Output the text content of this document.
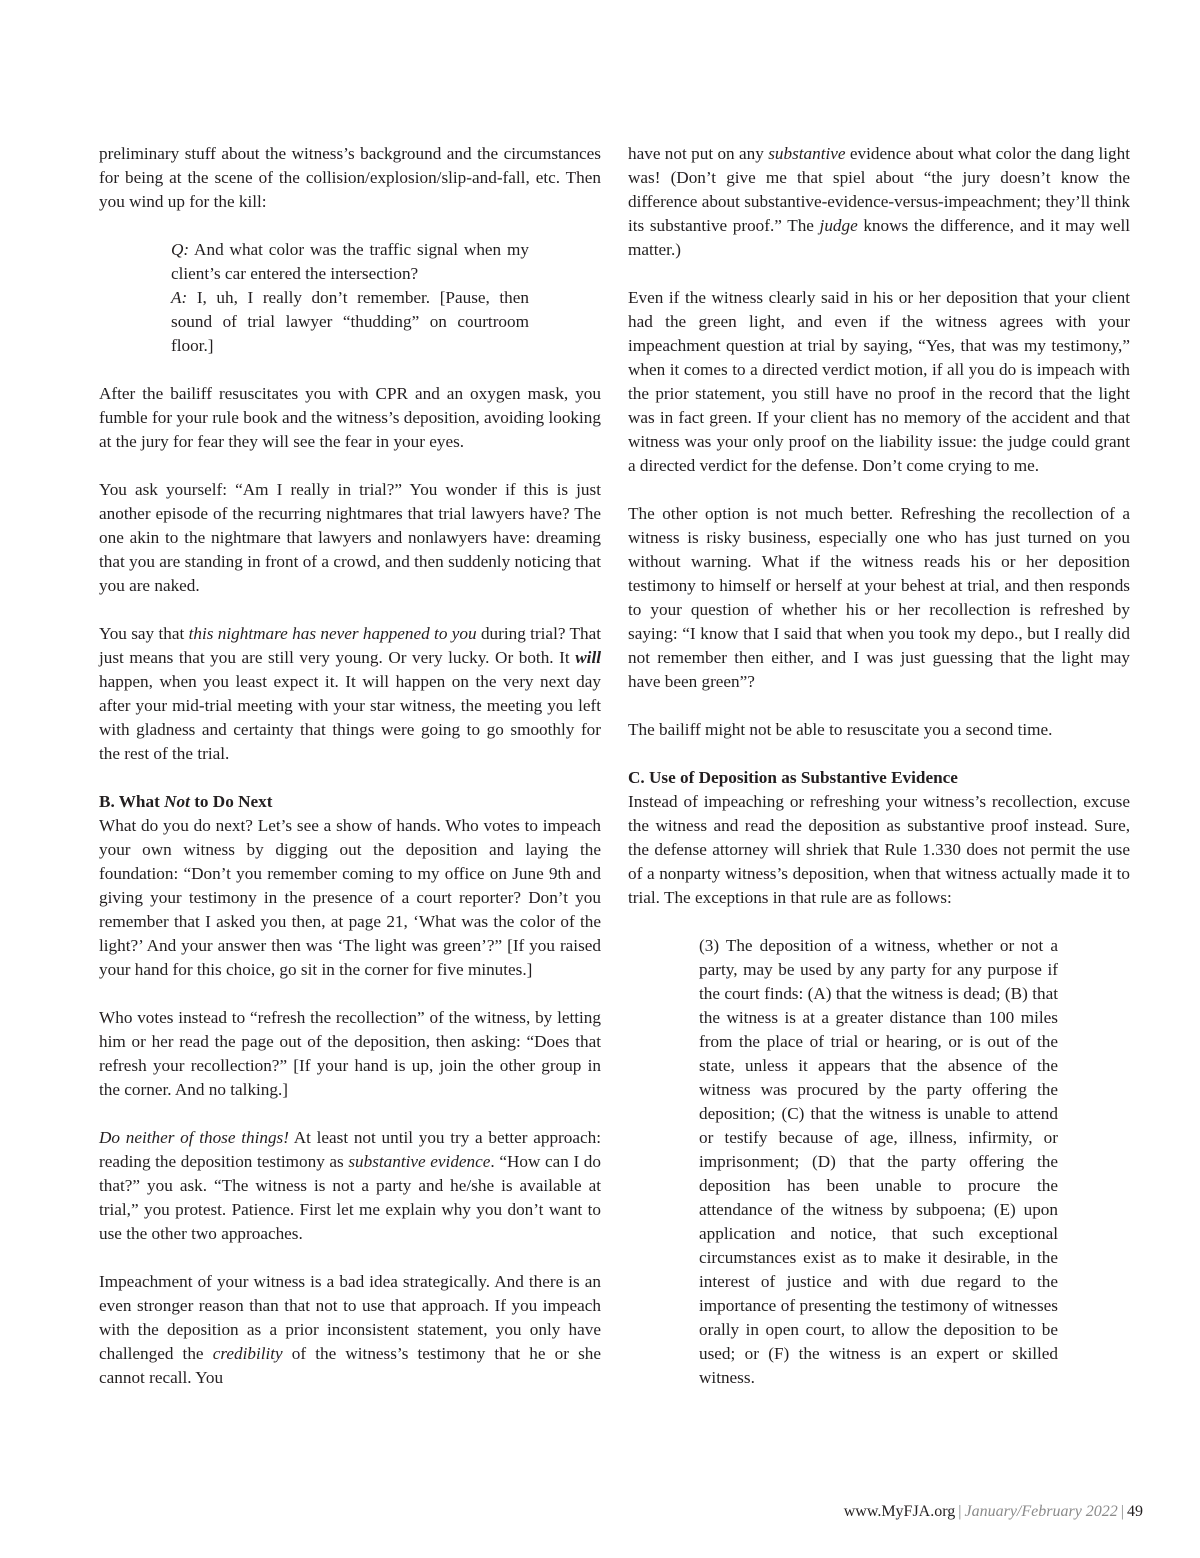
preliminary stuff about the witness’s background and the circumstances for being at the scene of the collision/explosion/slip-and-fall, etc. Then you wind up for the kill:

Q: And what color was the traffic signal when my client’s car entered the intersection?
A: I, uh, I really don’t remember. [Pause, then sound of trial lawyer “thudding” on courtroom floor.]

After the bailiff resuscitates you with CPR and an oxygen mask, you fumble for your rule book and the witness’s deposition, avoiding looking at the jury for fear they will see the fear in your eyes.

You ask yourself: “Am I really in trial?” You wonder if this is just another episode of the recurring nightmares that trial lawyers have? The one akin to the nightmare that lawyers and nonlawyers have: dreaming that you are standing in front of a crowd, and then suddenly noticing that you are naked.

You say that this nightmare has never happened to you during trial? That just means that you are still very young. Or very lucky. Or both. It will happen, when you least expect it. It will happen on the very next day after your mid-trial meeting with your star witness, the meeting you left with gladness and certainty that things were going to go smoothly for the rest of the trial.

B. What Not to Do Next

What do you do next? Let’s see a show of hands. Who votes to impeach your own witness by digging out the deposition and laying the foundation: “Don’t you remember coming to my office on June 9th and giving your testimony in the presence of a court reporter? Don’t you remember that I asked you then, at page 21, ‘What was the color of the light?’ And your answer then was ‘The light was green’?” [If you raised your hand for this choice, go sit in the corner for five minutes.]

Who votes instead to “refresh the recollection” of the witness, by letting him or her read the page out of the deposition, then asking: “Does that refresh your recollection?” [If your hand is up, join the other group in the corner. And no talking.]

Do neither of those things! At least not until you try a better approach: reading the deposition testimony as substantive evidence. “How can I do that?” you ask. “The witness is not a party and he/she is available at trial,” you protest. Patience. First let me explain why you don’t want to use the other two approaches.

Impeachment of your witness is a bad idea strategically. And there is an even stronger reason than that not to use that approach. If you impeach with the deposition as a prior inconsistent statement, you only have challenged the credibility of the witness’s testimony that he or she cannot recall. You

have not put on any substantive evidence about what color the dang light was! (Don’t give me that spiel about “the jury doesn’t know the difference about substantive-evidence-versus-impeachment; they’ll think its substantive proof.” The judge knows the difference, and it may well matter.)

Even if the witness clearly said in his or her deposition that your client had the green light, and even if the witness agrees with your impeachment question at trial by saying, “Yes, that was my testimony,” when it comes to a directed verdict motion, if all you do is impeach with the prior statement, you still have no proof in the record that the light was in fact green. If your client has no memory of the accident and that witness was your only proof on the liability issue: the judge could grant a directed verdict for the defense. Don’t come crying to me.

The other option is not much better. Refreshing the recollection of a witness is risky business, especially one who has just turned on you without warning. What if the witness reads his or her deposition testimony to himself or herself at your behest at trial, and then responds to your question of whether his or her recollection is refreshed by saying: “I know that I said that when you took my depo., but I really did not remember then either, and I was just guessing that the light may have been green”?

The bailiff might not be able to resuscitate you a second time.

C. Use of Deposition as Substantive Evidence

Instead of impeaching or refreshing your witness’s recollection, excuse the witness and read the deposition as substantive proof instead. Sure, the defense attorney will shriek that Rule 1.330 does not permit the use of a nonparty witness’s deposition, when that witness actually made it to trial. The exceptions in that rule are as follows:

(3) The deposition of a witness, whether or not a party, may be used by any party for any purpose if the court finds: (A) that the witness is dead; (B) that the witness is at a greater distance than 100 miles from the place of trial or hearing, or is out of the state, unless it appears that the absence of the witness was procured by the party offering the deposition; (C) that the witness is unable to attend or testify because of age, illness, infirmity, or imprisonment; (D) that the party offering the deposition has been unable to procure the attendance of the witness by subpoena; (E) upon application and notice, that such exceptional circumstances exist as to make it desirable, in the interest of justice and with due regard to the importance of presenting the testimony of witnesses orally in open court, to allow the deposition to be used; or (F) the witness is an expert or skilled witness.
www.MyFJA.org | January/February 2022 | 49
